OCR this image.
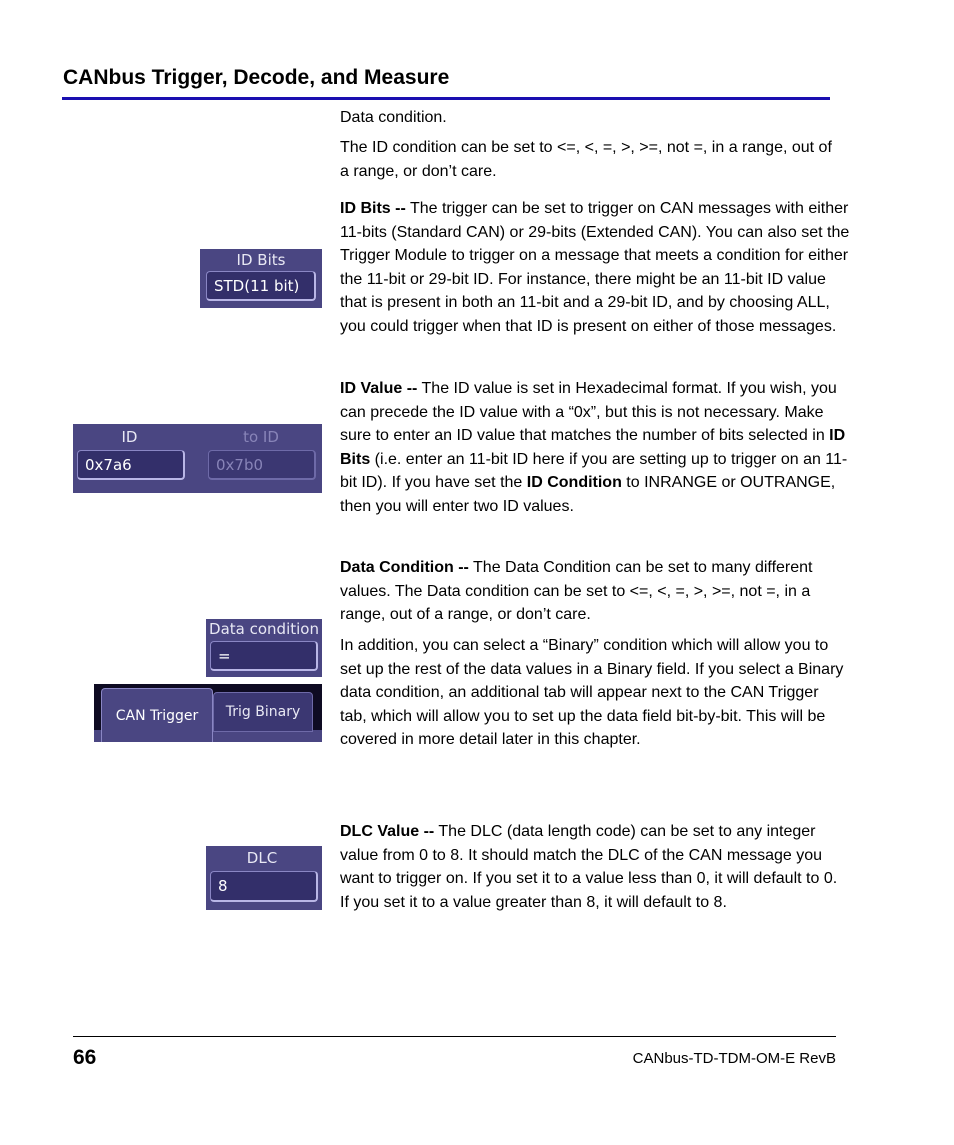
CANbus Trigger, Decode, and Measure

Data condition.

The ID condition can be set to <=, <, =, >, >=, not =, in a range, out of a range, or don’t care.

ID Bits -- The trigger can be set to trigger on CAN messages with either 11-bits (Standard CAN) or 29-bits (Extended CAN). You can also set the Trigger Module to trigger on a message that meets a condition for either the 11-bit or 29-bit ID. For instance, there might be an 11-bit ID value that is present in both an 11-bit and a 29-bit ID, and by choosing ALL, you could trigger when that ID is present on either of those messages.

ID Value -- The ID value is set in Hexadecimal format. If you wish, you can precede the ID value with a “0x”, but this is not necessary. Make sure to enter an ID value that matches the number of bits selected in ID Bits (i.e. enter an 11-bit ID here if you are setting up to trigger on an 11-bit ID). If you have set the ID Condition to INRANGE or OUTRANGE, then you will enter two ID values.

Data Condition -- The Data Condition can be set to many different values. The Data condition can be set to <=, <, =, >, >=, not =, in a range, out of a range, or don’t care.

In addition, you can select a “Binary” condition which will allow you to set up the rest of the data values in a Binary field. If you select a Binary data condition, an additional tab will appear next to the CAN Trigger tab, which will allow you to set up the data field bit-by-bit. This will be covered in more detail later in this chapter.

DLC Value -- The DLC (data length code) can be set to any integer value from 0 to 8. It should match the DLC of the CAN message you want to trigger on. If you set it to a value less than 0, it will default to 0. If you set it to a value greater than 8, it will default to 8.

ID Bits
STD(11 bit)
ID
0x7a6
to ID
0x7b0
Data condition
=
CAN Trigger	Trig Binary
DLC
8
66	CANbus-TD-TDM-OM-E RevB
